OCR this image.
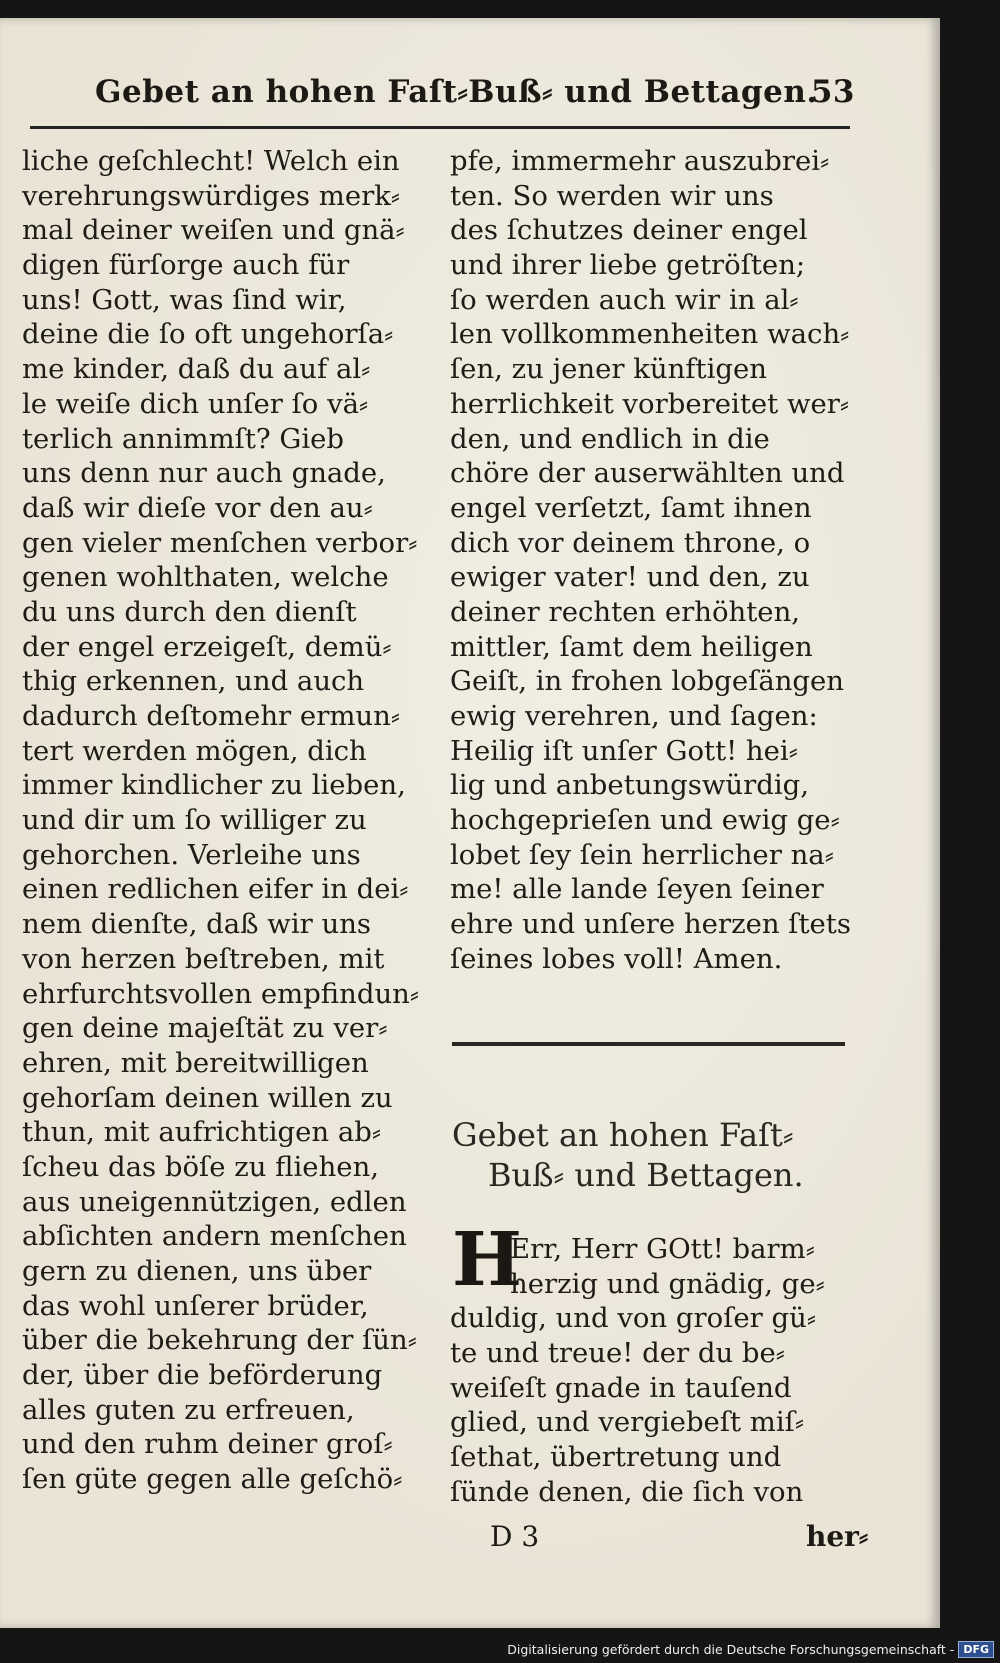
Gebet an hohen Faſt⸗Buß⸗ und Bettagen.
53
liche geſchlecht! Welch ein
verehrungswürdiges merk⸗
mal deiner weiſen und gnä⸗
digen fürſorge auch für
uns! Gott, was ſind wir,
deine die ſo oft ungehorſa⸗
me kinder, daß du auf al⸗
le weiſe dich unſer ſo vä⸗
terlich annimmſt? Gieb
uns denn nur auch gnade,
daß wir dieſe vor den au⸗
gen vieler menſchen verbor⸗
genen wohlthaten, welche
du uns durch den dienſt
der engel erzeigeſt, demü⸗
thig erkennen, und auch
dadurch deſtomehr ermun⸗
tert werden mögen, dich
immer kindlicher zu lieben,
und dir um ſo williger zu
gehorchen. Verleihe uns
einen redlichen eifer in dei⸗
nem dienſte, daß wir uns
von herzen beſtreben, mit
ehrfurchtsvollen empfindun⸗
gen deine majeſtät zu ver⸗
ehren, mit bereitwilligen
gehorſam deinen willen zu
thun, mit aufrichtigen ab⸗
ſcheu das böſe zu fliehen,
aus uneigennützigen, edlen
abſichten andern menſchen
gern zu dienen, uns über
das wohl unſerer brüder,
über die bekehrung der ſün⸗
der, über die beförderung
alles guten zu erfreuen,
und den ruhm deiner groſ⸗
ſen güte gegen alle geſchö⸗
pfe, immermehr auszubrei⸗
ten. So werden wir uns
des ſchutzes deiner engel
und ihrer liebe getröſten;
ſo werden auch wir in al⸗
len vollkommenheiten wach⸗
ſen, zu jener künftigen
herrlichkeit vorbereitet wer⸗
den, und endlich in die
chöre der auserwählten und
engel verſetzt, ſamt ihnen
dich vor deinem throne, o
ewiger vater! und den, zu
deiner rechten erhöhten,
mittler, ſamt dem heiligen
Geiſt, in frohen lobgeſängen
ewig verehren, und ſagen:
Heilig iſt unſer Gott! hei⸗
lig und anbetungswürdig,
hochgeprieſen und ewig ge⸗
lobet ſey ſein herrlicher na⸗
me! alle lande ſeyen ſeiner
ehre und unſere herzen ſtets
ſeines lobes voll! Amen.
Gebet an hohen Faſt⸗
Buß⸗ und Bettagen.
H
Err, Herr GOtt! barm⸗
herzig und gnädig, ge⸗
duldig, und von groſer gü⸗
te und treue! der du be⸗
weiſeſt gnade in tauſend
glied, und vergiebeſt miſ⸗
ſethat, übertretung und
ſünde denen, die ſich von
D 3	her⸗
Digitalisierung gefördert durch die Deutsche Forschungsgemeinschaft - DFG
